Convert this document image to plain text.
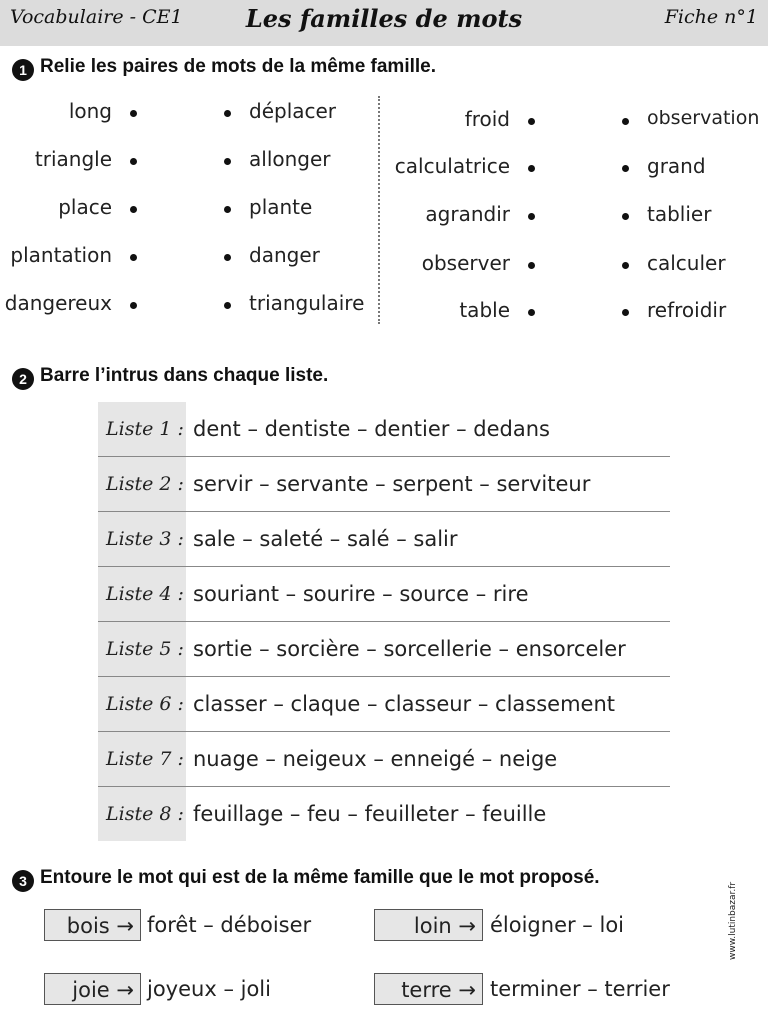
Vocabulaire - CE1	Les familles de mots	Fiche n°1
1 Relie les paires de mots de la même famille.
long
triangle
place
plantation
dangereux
déplacer
allonger
plante
danger
triangulaire
froid
calculatrice
agrandir
observer
table
observation
grand
tablier
calculer
refroidir
2 Barre l’intrus dans chaque liste.
Liste 1 : dent – dentiste – dentier – dedans
Liste 2 : servir – servante – serpent – serviteur
Liste 3 : sale – saleté – salé – salir
Liste 4 : souriant – sourire – source – rire
Liste 5 : sortie – sorcière – sorcellerie – ensorceler
Liste 6 : classer – claque – classeur – classement
Liste 7 : nuage – neigeux – enneigé – neige
Liste 8 : feuillage – feu – feuilleter – feuille
3 Entoure le mot qui est de la même famille que le mot proposé.
bois → forêt – déboiser	loin → éloigner – loi
joie → joyeux – joli	terre → terminer – terrier
www.lutinbazar.fr
